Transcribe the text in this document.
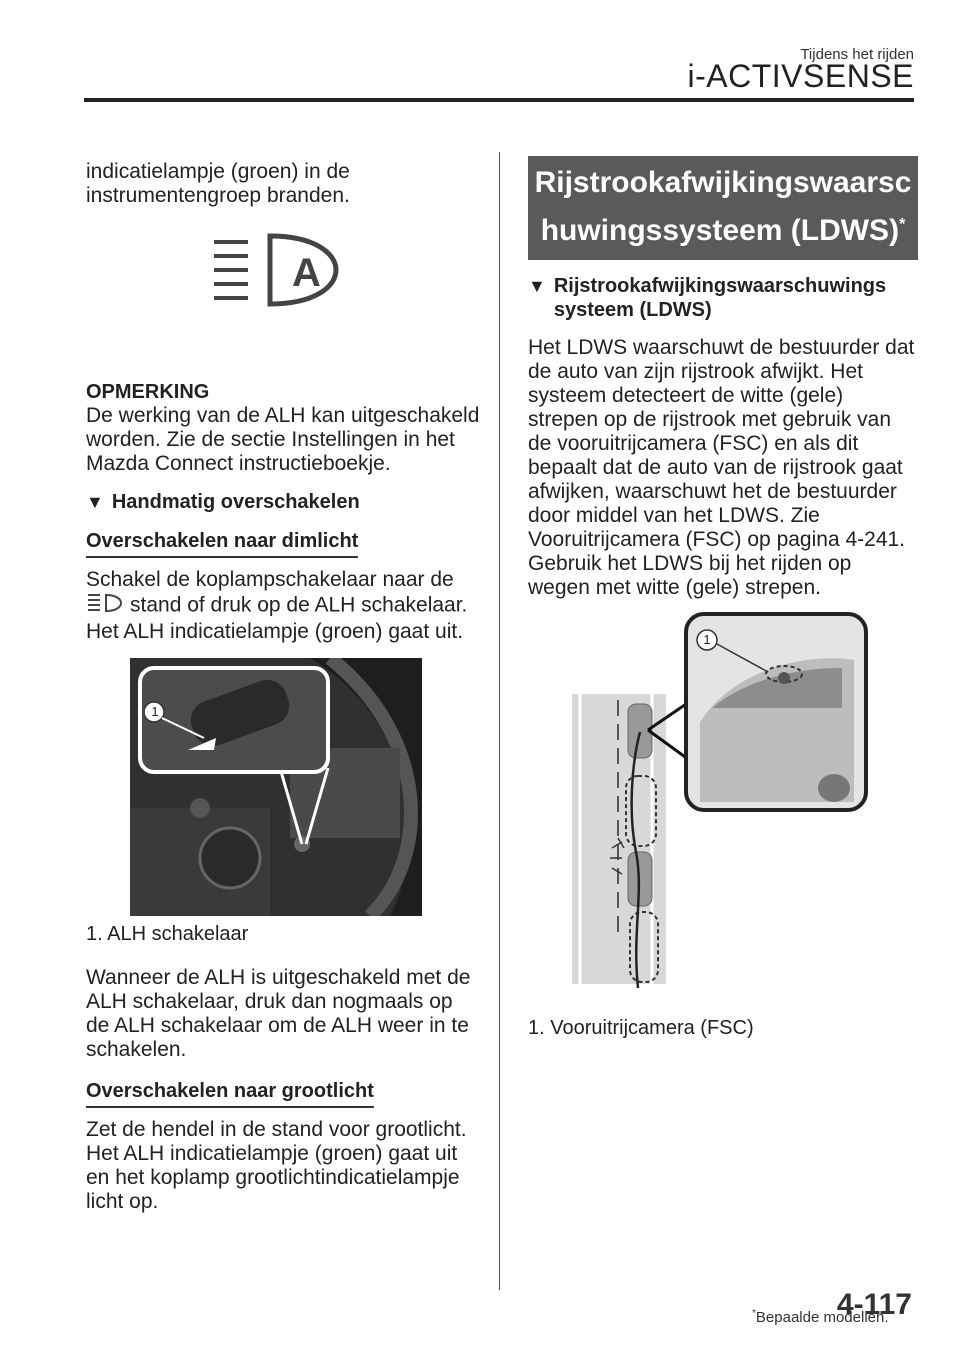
Tijdens het rijden
i-ACTIVSENSE

indicatielampje (groen) in de instrumentengroep branden.

A

OPMERKING

De werking van de ALH kan uitgeschakeld worden. Zie de sectie Instellingen in het Mazda Connect instructieboekje.

▼ Handmatig overschakelen

Overschakelen naar dimlicht

Schakel de koplampschakelaar naar de

stand of druk op de ALH schakelaar.

Het ALH indicatielampje (groen) gaat uit.

1

1. ALH schakelaar

Wanneer de ALH is uitgeschakeld met de ALH schakelaar, druk dan nogmaals op de ALH schakelaar om de ALH weer in te schakelen.

Overschakelen naar grootlicht

Zet de hendel in de stand voor grootlicht. Het ALH indicatielampje (groen) gaat uit en het koplamp grootlichtindicatielampje licht op.

Rijstrookafwijkingswaarsc
huwingssysteem (LDWS)*

▼ Rijstrookafwijkingswaarschuwings systeem (LDWS)

Het LDWS waarschuwt de bestuurder dat de auto van zijn rijstrook afwijkt. Het systeem detecteert de witte (gele) strepen op de rijstrook met gebruik van de vooruitrijcamera (FSC) en als dit bepaalt dat de auto van de rijstrook gaat afwijken, waarschuwt het de bestuurder door middel van het LDWS. Zie Vooruitrijcamera (FSC) op pagina 4-241.

Gebruik het LDWS bij het rijden op wegen met witte (gele) strepen.

1

1. Vooruitrijcamera (FSC)

*Bepaalde modellen.
4-117
